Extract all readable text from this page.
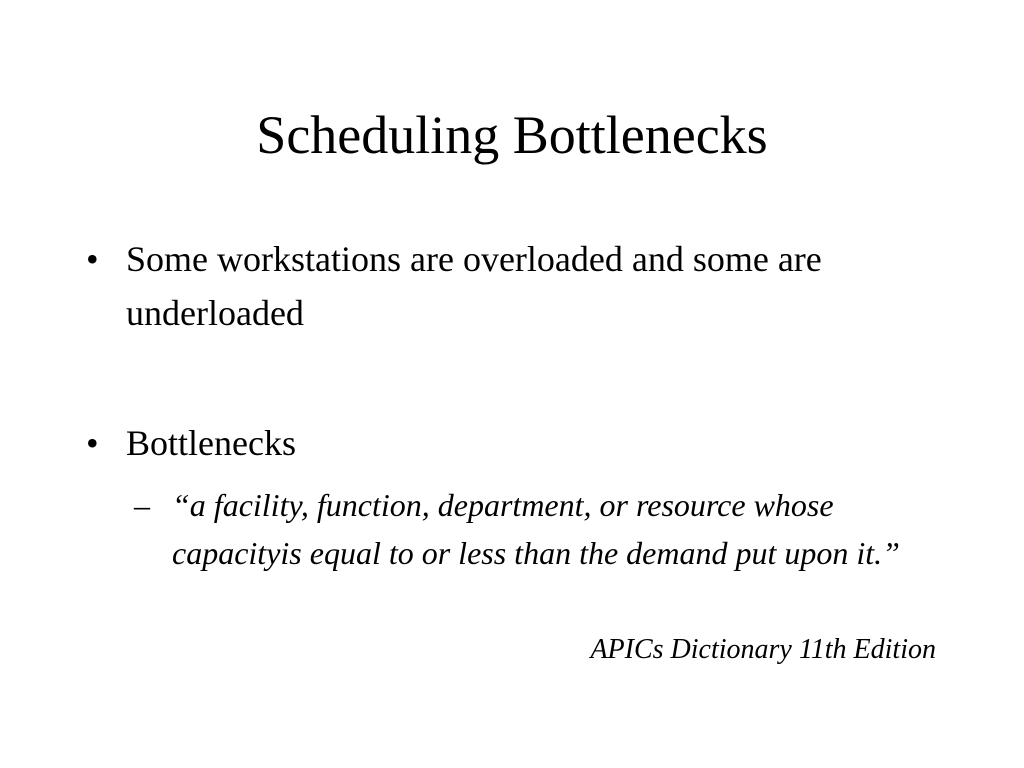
Scheduling Bottlenecks
• Some workstations are overloaded and some are underloaded
• Bottlenecks
– “a facility, function, department, or resource whose capacityis equal to or less than the demand put upon it.”
APICs Dictionary 11th Edition
